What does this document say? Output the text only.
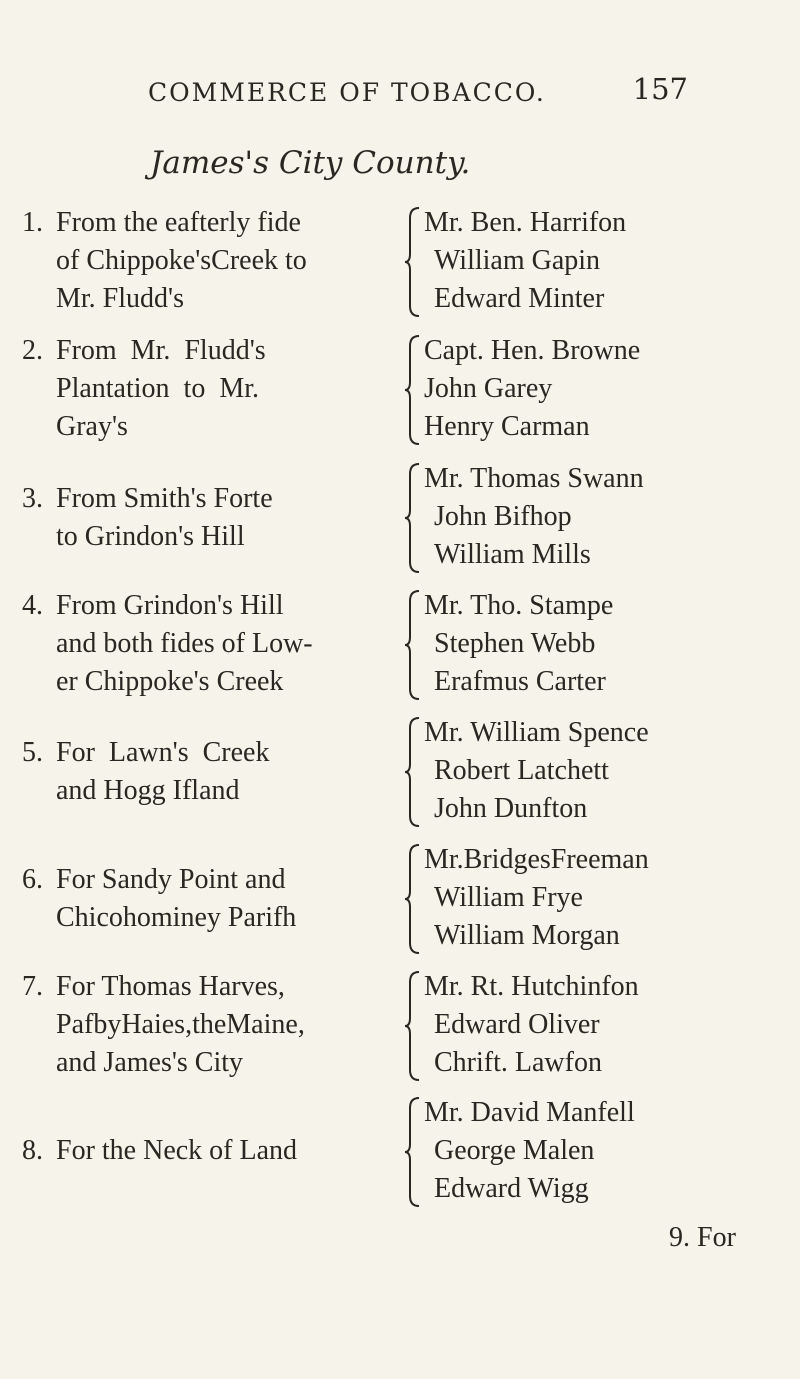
COMMERCE OF TOBACCO.	157
James's City County.
1. From the eafterly fide
of Chippoke'sCreek to
Mr. Fludd's
Mr. Ben. Harrifon
William Gapin
Edward Minter
2. From  Mr.  Fludd's
Plantation  to  Mr.
Gray's
Capt. Hen. Browne
John Garey
Henry Carman
3. From Smith's Forte
to Grindon's Hill
Mr. Thomas Swann
John Bifhop
William Mills
4. From Grindon's Hill
and both fides of Low-
er Chippoke's Creek
Mr. Tho. Stampe
Stephen Webb
Erafmus Carter
5. For  Lawn's  Creek
and Hogg Ifland
Mr. William Spence
Robert Latchett
John Dunfton
6. For Sandy Point and
Chicohominey Parifh
Mr.BridgesFreeman
William Frye
William Morgan
7. For Thomas Harves,
PafbyHaies,theMaine,
and James's City
Mr. Rt. Hutchinfon
Edward Oliver
Chrift. Lawfon
8. For the Neck of Land
Mr. David Manfell
George Malen
Edward Wigg
9. For
